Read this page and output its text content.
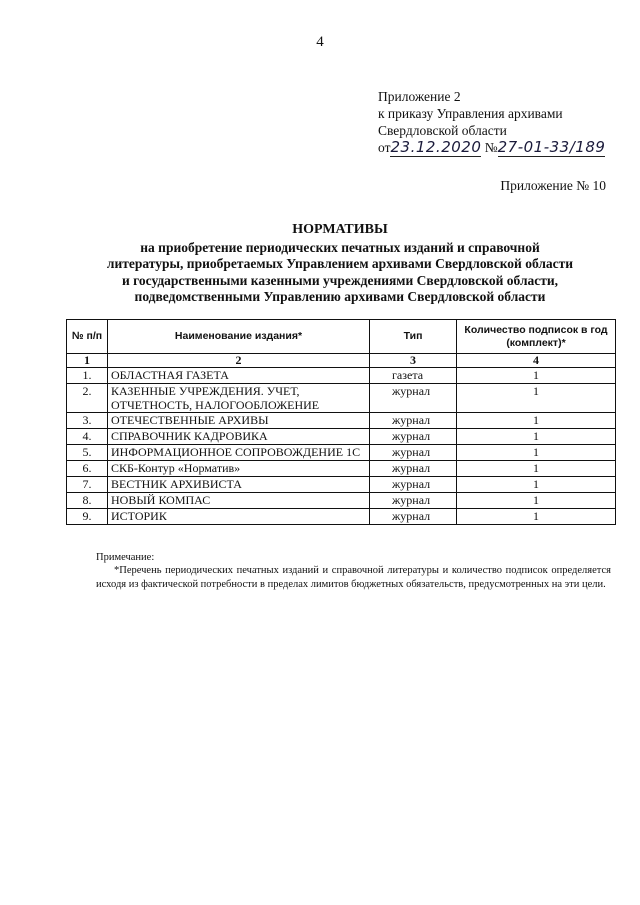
4
Приложение 2
к приказу Управления архивами
Свердловской области
от23.12.2020 №27-01-33/189
Приложение № 10
НОРМАТИВЫ
на приобретение периодических печатных изданий и справочной
литературы, приобретаемых Управлением архивами Свердловской области
и государственными казенными учреждениями Свердловской области,
подведомственными Управлению архивами Свердловской области
№ п/п	Наименование издания*	Тип	Количество подписок в год (комплект)*
1	2	3	4
1.	ОБЛАСТНАЯ ГАЗЕТА	газета	1
2.	КАЗЕННЫЕ УЧРЕЖДЕНИЯ. УЧЕТ, ОТЧЕТНОСТЬ, НАЛОГООБЛОЖЕНИЕ	журнал	1
3.	ОТЕЧЕСТВЕННЫЕ АРХИВЫ	журнал	1
4.	СПРАВОЧНИК КАДРОВИКА	журнал	1
5.	ИНФОРМАЦИОННОЕ СОПРОВОЖДЕНИЕ 1С	журнал	1
6.	СКБ-Контур «Норматив»	журнал	1
7.	ВЕСТНИК АРХИВИСТА	журнал	1
8.	НОВЫЙ КОМПАС	журнал	1
9.	ИСТОРИК	журнал	1
Примечание:
*Перечень периодических печатных изданий и справочной литературы и количество подписок определяется исходя из фактической потребности в пределах лимитов бюджетных обязательств, предусмотренных на эти цели.
